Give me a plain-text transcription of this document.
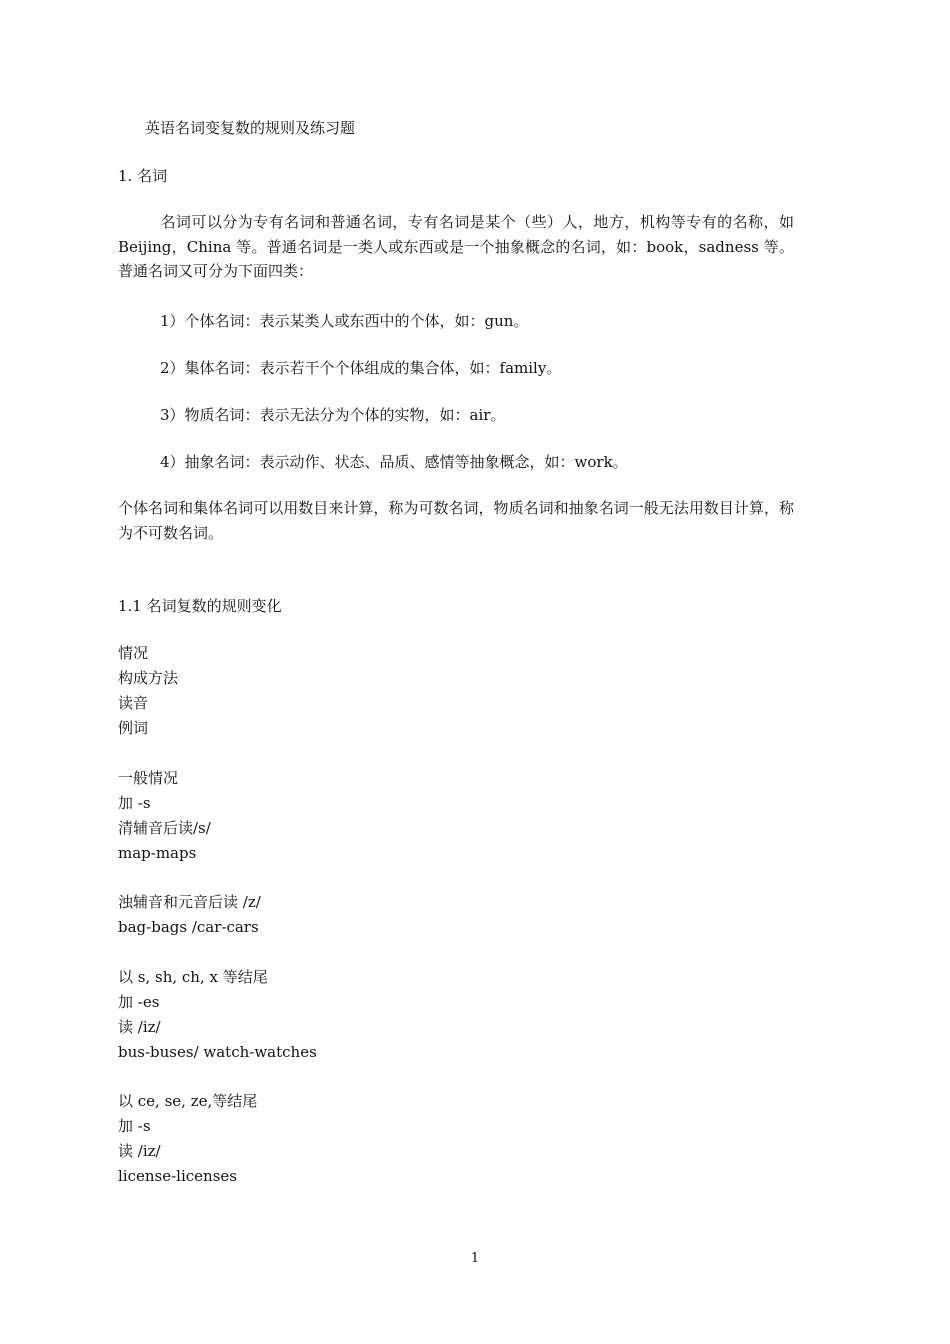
英语名词变复数的规则及练习题
1. 名词
名词可以分为专有名词和普通名词，专有名词是某个（些）人，地方，机构等专有的名称，如 Beijing，China 等。普通名词是一类人或东西或是一个抽象概念的名词，如：book，sadness 等。普通名词又可分为下面四类：
1）个体名词：表示某类人或东西中的个体，如：gun。
2）集体名词：表示若干个个体组成的集合体，如：family。
3）物质名词：表示无法分为个体的实物，如：air。
4）抽象名词：表示动作、状态、品质、感情等抽象概念，如：work。
个体名词和集体名词可以用数目来计算，称为可数名词，物质名词和抽象名词一般无法用数目计算，称为不可数名词。
1.1 名词复数的规则变化
情况
构成方法
读音
例词
一般情况
加 -s
清辅音后读/s/
map-maps
浊辅音和元音后读 /z/
bag-bags /car-cars
以 s, sh, ch, x 等结尾
加 -es
读 /iz/
bus-buses/ watch-watches
以 ce, se, ze,等结尾
加 -s
读 /iz/
license-licenses
1
